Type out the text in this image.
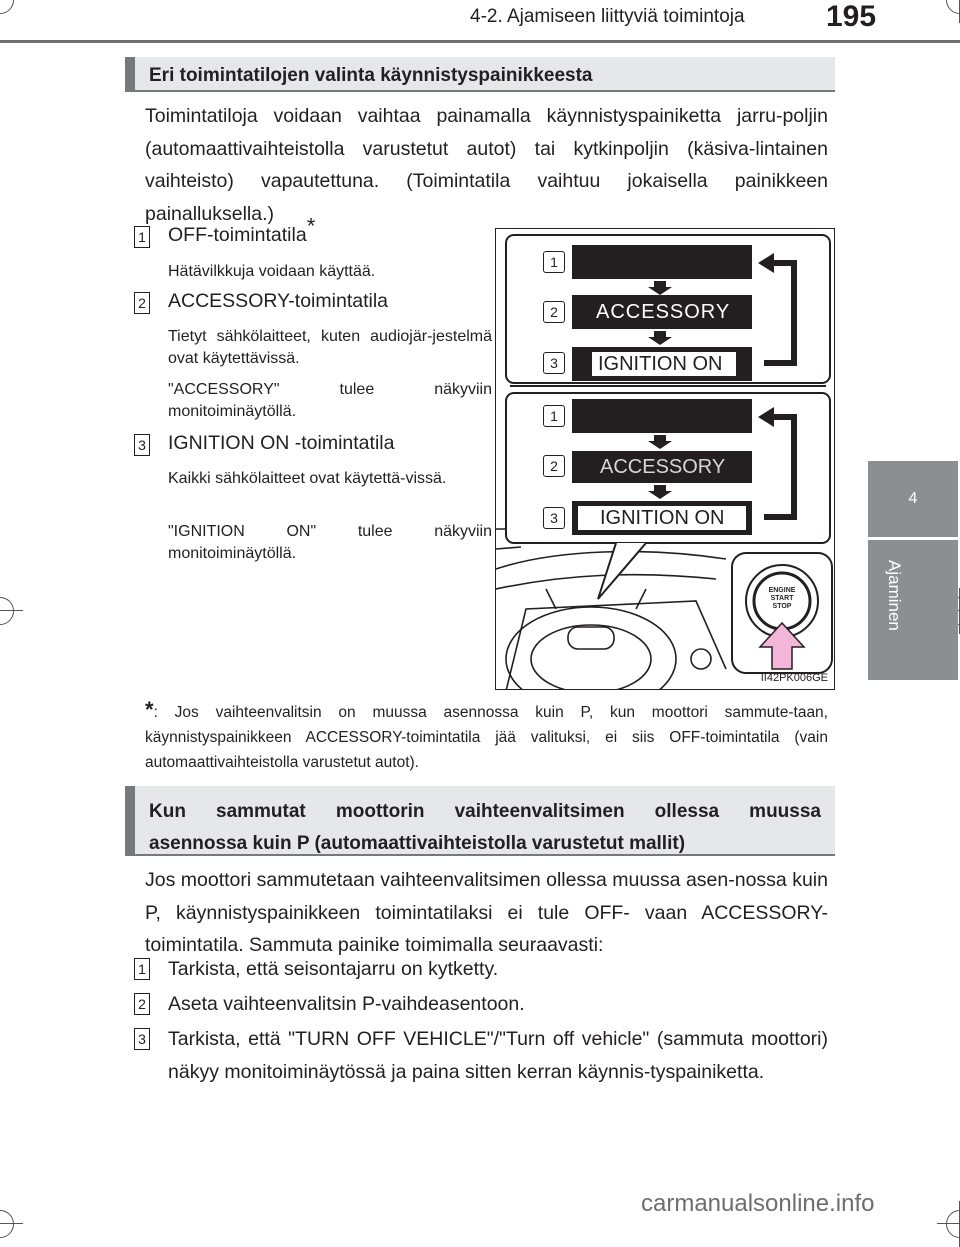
4-2. Ajamiseen liittyviä toimintoja	195
4
Ajaminen
Eri toimintatilojen valinta käynnistyspainikkeesta

Toimintatiloja voidaan vaihtaa painamalla käynnistyspainiketta jarru-poljin (automaattivaihteistolla varustetut autot) tai kytkinpoljin (käsiva-lintainen vaihteisto) vapautettuna. (Toimintatila vaihtuu jokaisella painikkeen painalluksella.)

1 OFF-toimintatila*
Hätävilkkuja voidaan käyttää.
2 ACCESSORY-toimintatila
Tietyt sähkölaitteet, kuten audiojär-jestelmä ovat käytettävissä.
"ACCESSORY" tulee näkyviin monitoiminäytöllä.
3 IGNITION ON -toimintatila
Kaikki sähkölaitteet ovat käytettä-vissä.
"IGNITION ON" tulee näkyviin monitoiminäytöllä.
ACCESSORY
IGNITION ON
ACCESSORY
IGNITION ON
1
2
3
1
2
3
ENGINE
START
STOP
II42PK006GE
*: Jos vaihteenvalitsin on muussa asennossa kuin P, kun moottori sammute-taan, käynnistyspainikkeen ACCESSORY-toimintatila jää valituksi, ei siis OFF-toimintatila (vain automaattivaihteistolla varustetut autot).
Kun sammutat moottorin vaihteenvalitsimen ollessa muussa
asennossa kuin P (automaattivaihteistolla varustetut mallit)

Jos moottori sammutetaan vaihteenvalitsimen ollessa muussa asen-nossa kuin P, käynnistyspainikkeen toimintatilaksi ei tule OFF- vaan ACCESSORY-toimintatila. Sammuta painike toimimalla seuraavasti:

1 Tarkista, että seisontajarru on kytketty.
2 Aseta vaihteenvalitsin P-vaihdeasentoon.
3 Tarkista, että "TURN OFF VEHICLE"/"Turn off vehicle" (sammuta moottori) näkyy monitoiminäytössä ja paina sitten kerran käynnis-tyspainiketta.
carmanualsonline.info
